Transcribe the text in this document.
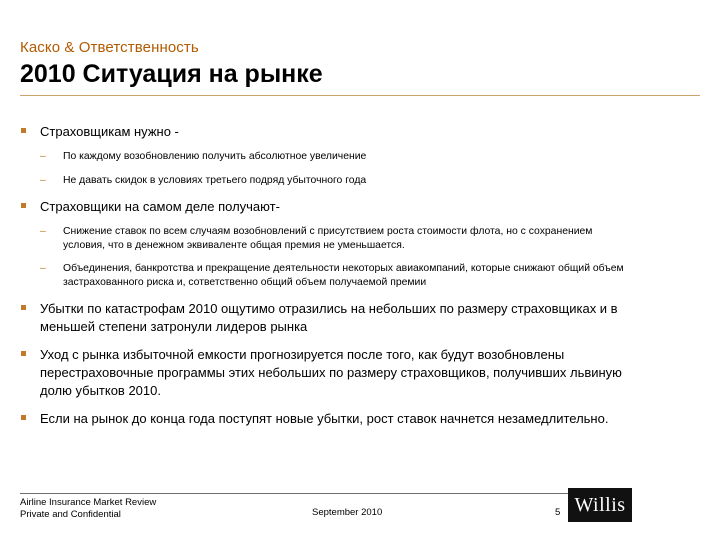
Каско & Ответственность
2010 Ситуация на рынке
Страховщикам нужно -
– По каждому возобновлению получить абсолютное увеличение
– Не давать скидок в условиях третьего подряд убыточного года
Страховщики на самом деле получают-
– Снижение ставок по всем случаям возобновлений с присутствием роста стоимости флота, но с сохранением условия, что в денежном эквиваленте общая премия не уменьшается.
– Объединения, банкротства и прекращение деятельности некоторых авиакомпаний, которые снижают общий объем застрахованного риска и, сответственно общий объем получаемой премии
Убытки по катастрофам 2010 ощутимо отразились на небольших по размеру страховщиках и в меньшей степени затронули лидеров рынка
Уход с рынка избыточной емкости прогнозируется после того, как будут возобновлены перестраховочные программы этих небольших по размеру страховщиков, получивших львиную долю убытков 2010.
Если на рынок до конца года поступят новые убытки, рост ставок начнется незамедлительно.
Airline Insurance Market Review
Private and Confidential	September 2010	5 Willis
